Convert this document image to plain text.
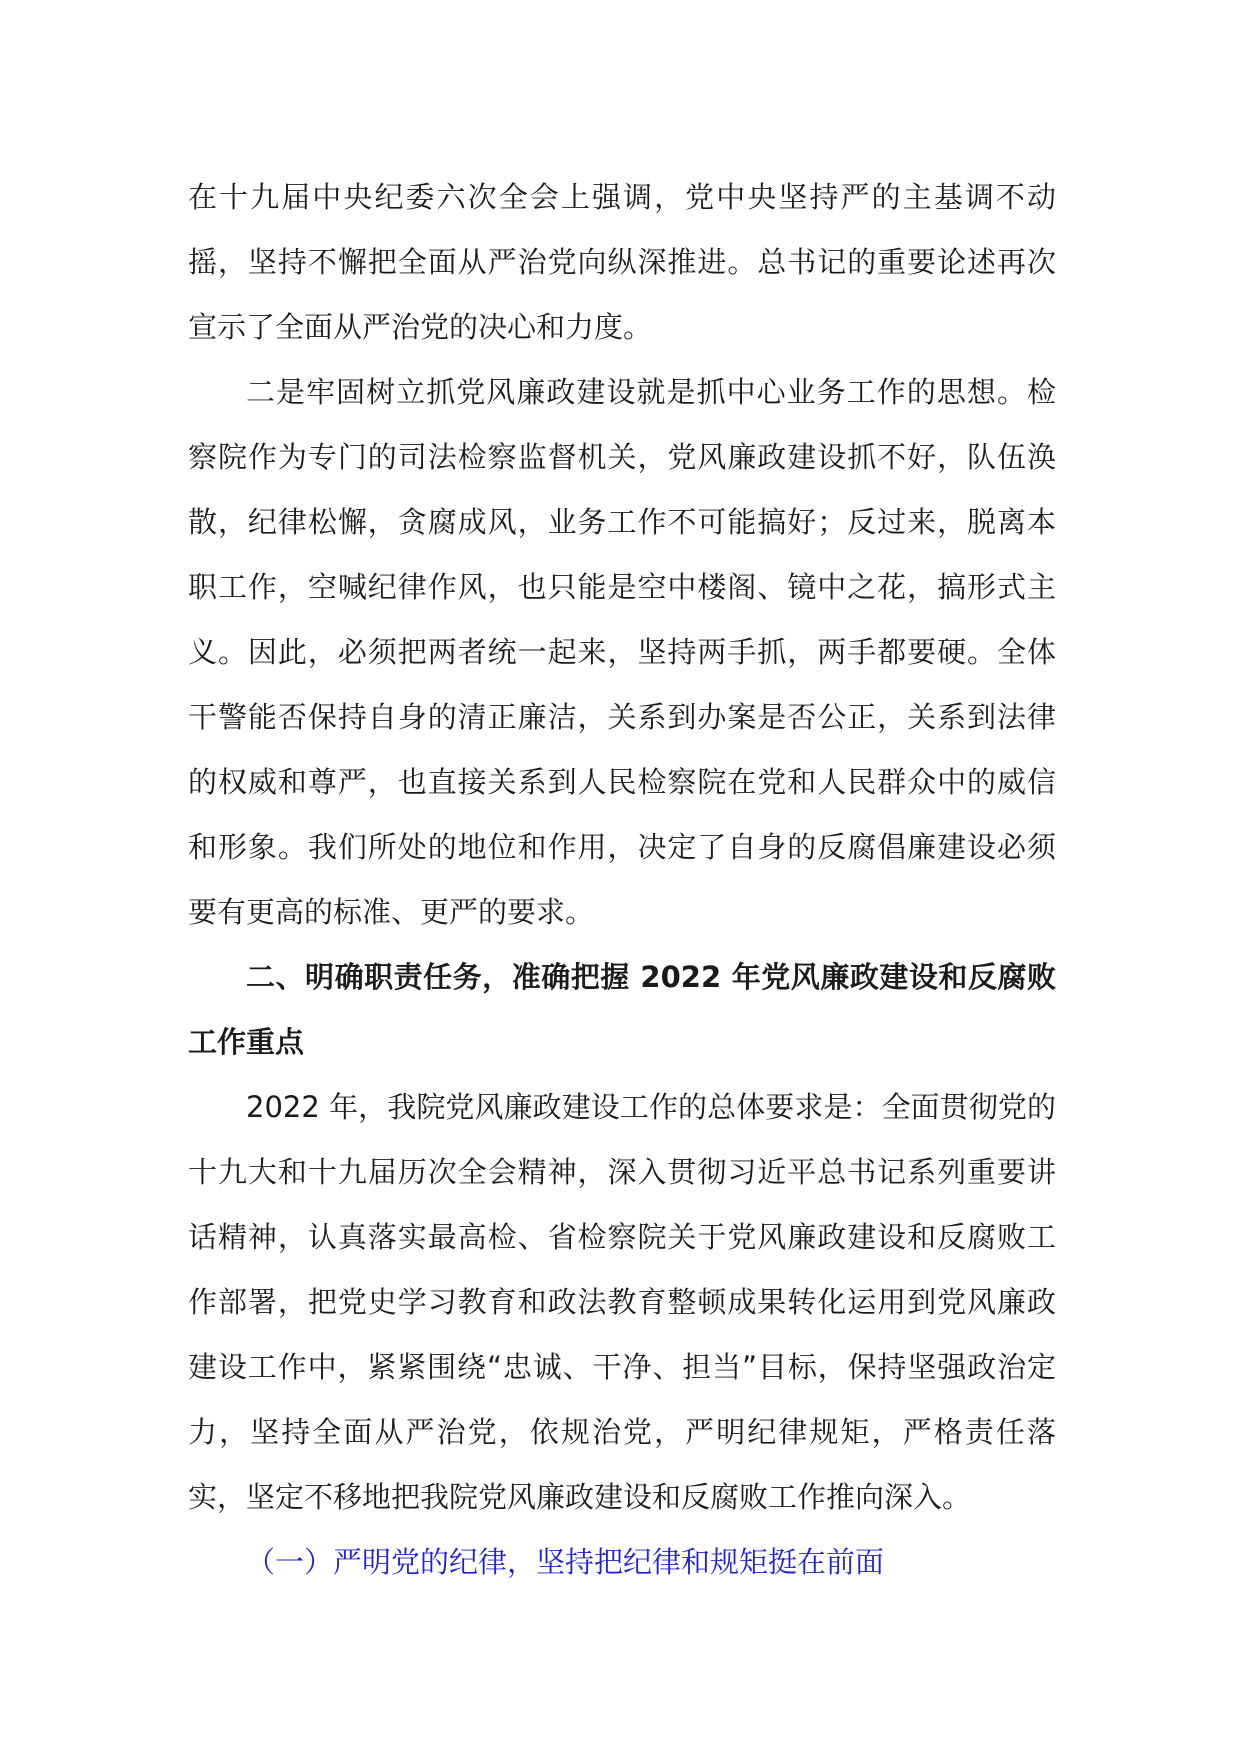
在十九届中央纪委六次全会上强调，党中央坚持严的主基调不动摇，坚持不懈把全面从严治党向纵深推进。总书记的重要论述再次宣示了全面从严治党的决心和力度。

二是牢固树立抓党风廉政建设就是抓中心业务工作的思想。检察院作为专门的司法检察监督机关，党风廉政建设抓不好，队伍涣散，纪律松懈，贪腐成风，业务工作不可能搞好；反过来，脱离本职工作，空喊纪律作风，也只能是空中楼阁、镜中之花，搞形式主义。因此，必须把两者统一起来，坚持两手抓，两手都要硬。全体干警能否保持自身的清正廉洁，关系到办案是否公正，关系到法律的权威和尊严，也直接关系到人民检察院在党和人民群众中的威信和形象。我们所处的地位和作用，决定了自身的反腐倡廉建设必须要有更高的标准、更严的要求。

二、明确职责任务，准确把握 2022 年党风廉政建设和反腐败工作重点

2022 年，我院党风廉政建设工作的总体要求是：全面贯彻党的十九大和十九届历次全会精神，深入贯彻习近平总书记系列重要讲话精神，认真落实最高检、省检察院关于党风廉政建设和反腐败工作部署，把党史学习教育和政法教育整顿成果转化运用到党风廉政建设工作中，紧紧围绕“忠诚、干净、担当”目标，保持坚强政治定力，坚持全面从严治党，依规治党，严明纪律规矩，严格责任落实，坚定不移地把我院党风廉政建设和反腐败工作推向深入。

（一）严明党的纪律，坚持把纪律和规矩挺在前面
